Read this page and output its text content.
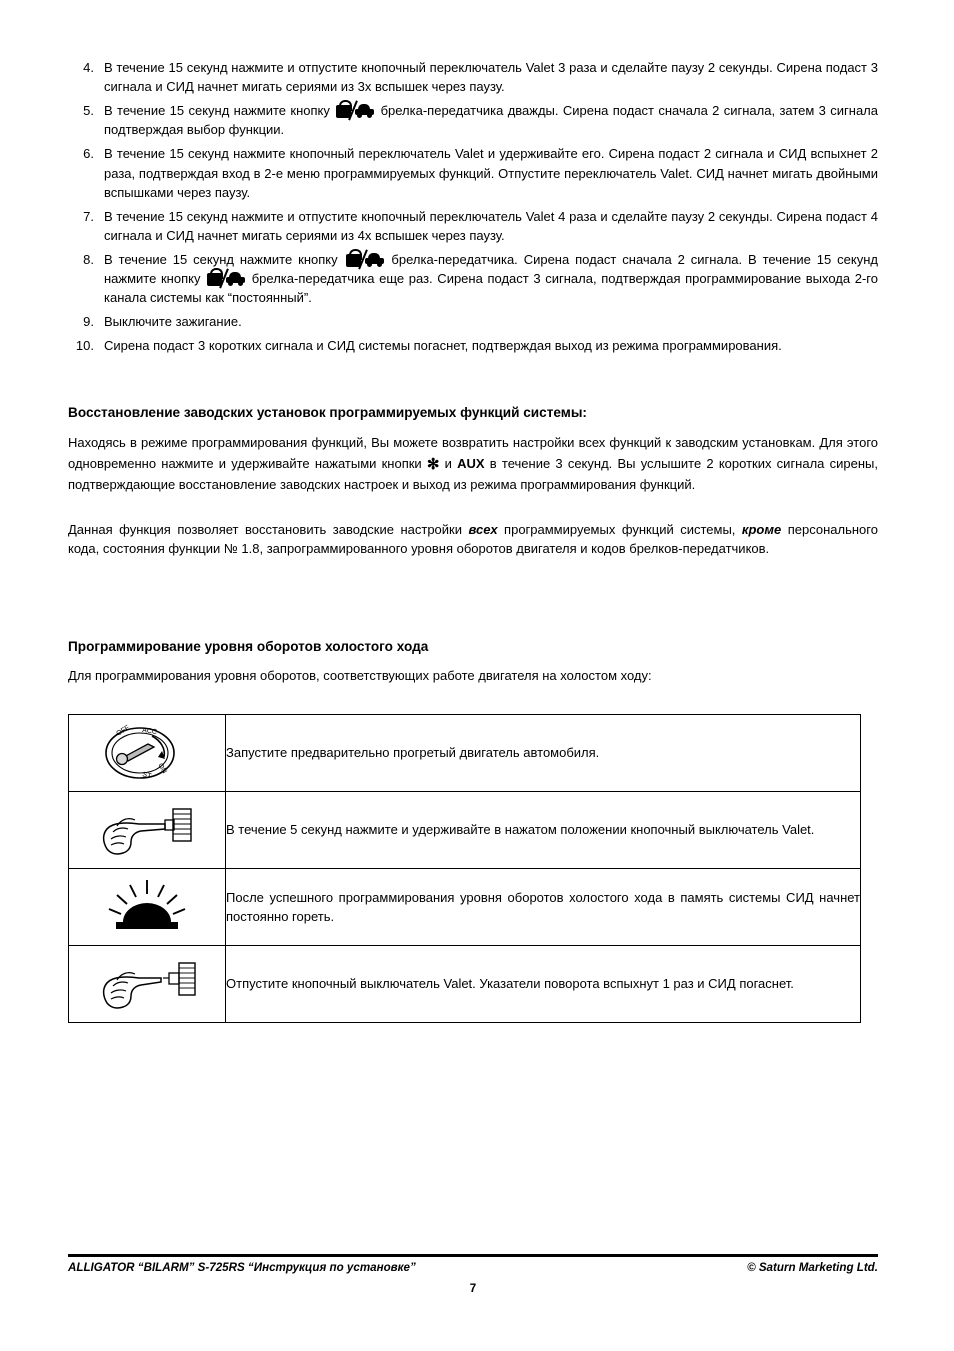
4. В течение 15 секунд нажмите и отпустите кнопочный переключатель Valet 3 раза и сделайте паузу 2 секунды. Сирена подаст 3 сигнала и СИД начнет мигать сериями из 3х вспышек через паузу.
5. В течение 15 секунд нажмите кнопку	брелка-передатчика дважды. Сирена подаст сначала 2 сигнала, затем 3 сигнала подтверждая выбор функции.
6. В течение 15 секунд нажмите кнопочный переключатель Valet и удерживайте его. Сирена подаст 2 сигнала и СИД вспыхнет 2 раза, подтверждая вход в 2-е меню программируемых функций. Отпустите переключатель Valet. СИД начнет мигать двойными вспышками через паузу.
7. В течение 15 секунд нажмите и отпустите кнопочный переключатель Valet 4 раза и сделайте паузу 2 секунды. Сирена подаст 4 сигнала и СИД начнет мигать сериями из 4х вспышек через паузу.
8. В течение 15 секунд нажмите кнопку	брелка-передатчика. Сирена подаст сначала 2 сигнала. В течение 15 секунд нажмите кнопку	брелка-передатчика еще раз. Сирена подаст 3 сигнала, подтверждая программирование выхода 2-го канала системы как “постоянный”.
9. Выключите зажигание.
10. Сирена подаст 3 коротких сигнала и СИД системы погаснет, подтверждая выход из режима программирования.
Восстановление заводских установок программируемых функций системы:

Находясь в режиме программирования функций, Вы можете возвратить настройки всех функций к заводским установкам. Для этого одновременно нажмите и удерживайте нажатыми кнопки ✻ и AUX в течение 3 секунд. Вы услышите 2 коротких сигнала сирены, подтверждающие восстановление заводских настроек и выход из режима программирования функций.

Данная функция позволяет восстановить заводские настройки всех программируемых функций системы, кроме персонального кода, состояния функции № 1.8, запрограммированного уровня оборотов двигателя и кодов брелков-передатчиков.

Программирование уровня оборотов холостого хода

Для программирования уровня оборотов, соответствующих работе двигателя на холостом ходу:

OFF ACC
ON
ST	Запустите предварительно прогретый двигатель автомобиля.

	В течение 5 секунд нажмите и удерживайте в нажатом положении кнопочный выключатель Valet.

	После успешного программирования уровня оборотов холостого хода в память системы СИД начнет постоянно гореть.

	Отпустите кнопочный выключатель Valet. Указатели поворота вспыхнут 1 раз и СИД погаснет.
ALLIGATOR “BILARM” S-725RS “Инструкция по установке”	© Saturn Marketing Ltd.
7
